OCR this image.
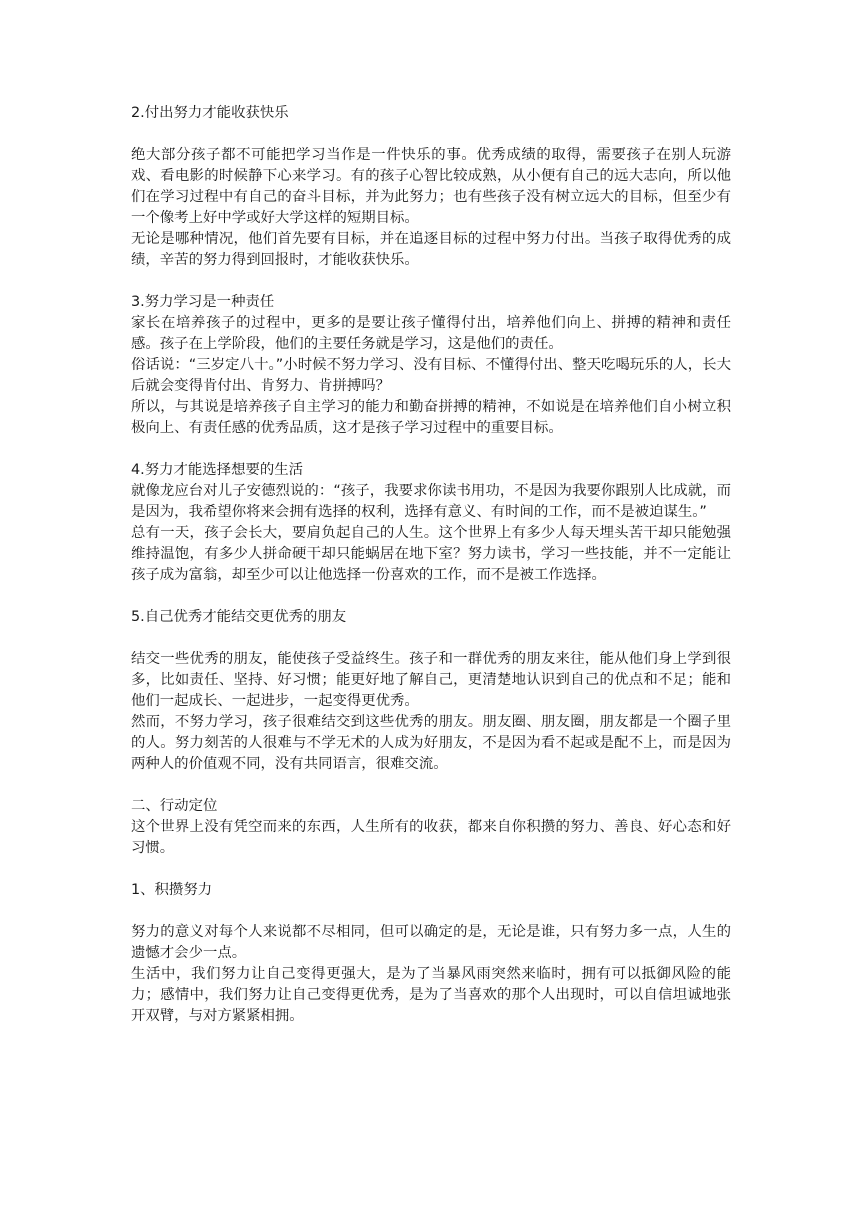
2.付出努力才能收获快乐

绝大部分孩子都不可能把学习当作是一件快乐的事。优秀成绩的取得，需要孩子在别人玩游戏、看电影的时候静下心来学习。有的孩子心智比较成熟，从小便有自己的远大志向，所以他们在学习过程中有自己的奋斗目标，并为此努力；也有些孩子没有树立远大的目标，但至少有一个像考上好中学或好大学这样的短期目标。

无论是哪种情况，他们首先要有目标，并在追逐目标的过程中努力付出。当孩子取得优秀的成绩，辛苦的努力得到回报时，才能收获快乐。

3.努力学习是一种责任

家长在培养孩子的过程中，更多的是要让孩子懂得付出，培养他们向上、拼搏的精神和责任感。孩子在上学阶段，他们的主要任务就是学习，这是他们的责任。

俗话说：“三岁定八十。”小时候不努力学习、没有目标、不懂得付出、整天吃喝玩乐的人，长大后就会变得肯付出、肯努力、肯拼搏吗？

所以，与其说是培养孩子自主学习的能力和勤奋拼搏的精神，不如说是在培养他们自小树立积极向上、有责任感的优秀品质，这才是孩子学习过程中的重要目标。

4.努力才能选择想要的生活

就像龙应台对儿子安德烈说的：“孩子，我要求你读书用功，不是因为我要你跟别人比成就，而是因为，我希望你将来会拥有选择的权利，选择有意义、有时间的工作，而不是被迫谋生。”

总有一天，孩子会长大，要肩负起自己的人生。这个世界上有多少人每天埋头苦干却只能勉强维持温饱，有多少人拼命硬干却只能蜗居在地下室？努力读书，学习一些技能，并不一定能让孩子成为富翁，却至少可以让他选择一份喜欢的工作，而不是被工作选择。

5.自己优秀才能结交更优秀的朋友

结交一些优秀的朋友，能使孩子受益终生。孩子和一群优秀的朋友来往，能从他们身上学到很多，比如责任、坚持、好习惯；能更好地了解自己，更清楚地认识到自己的优点和不足；能和他们一起成长、一起进步，一起变得更优秀。

然而，不努力学习，孩子很难结交到这些优秀的朋友。朋友圈、朋友圈，朋友都是一个圈子里的人。努力刻苦的人很难与不学无术的人成为好朋友，不是因为看不起或是配不上，而是因为两种人的价值观不同，没有共同语言，很难交流。

二、行动定位

这个世界上没有凭空而来的东西，人生所有的收获，都来自你积攒的努力、善良、好心态和好习惯。

1、积攒努力

努力的意义对每个人来说都不尽相同，但可以确定的是，无论是谁，只有努力多一点，人生的遗憾才会少一点。

生活中，我们努力让自己变得更强大，是为了当暴风雨突然来临时，拥有可以抵御风险的能力；感情中，我们努力让自己变得更优秀，是为了当喜欢的那个人出现时，可以自信坦诚地张开双臂，与对方紧紧相拥。
